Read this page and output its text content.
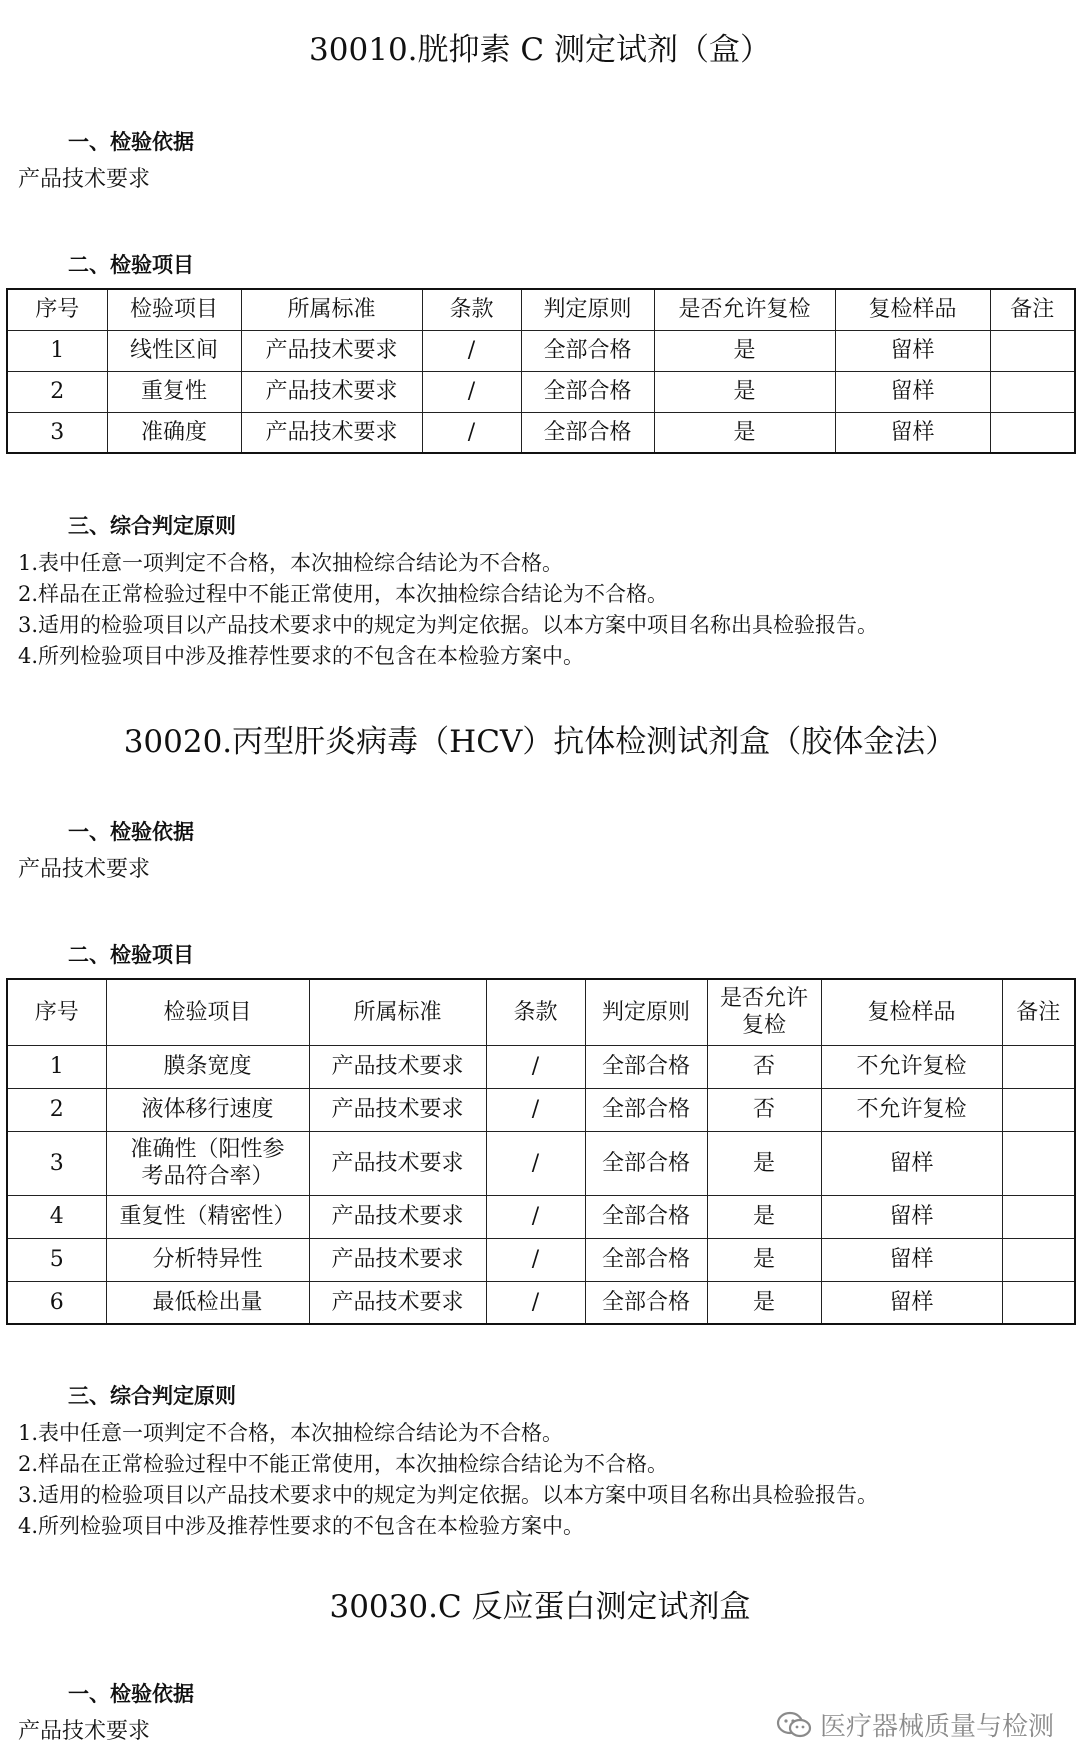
30010.胱抑素 C 测定试剂（盒）
一、检验依据
产品技术要求
二、检验项目
序号	检验项目	所属标准	条款	判定原则	是否允许复检	复检样品	备注
1	线性区间	产品技术要求	/	全部合格	是	留样	
2	重复性	产品技术要求	/	全部合格	是	留样	
3	准确度	产品技术要求	/	全部合格	是	留样	
三、综合判定原则
1.表中任意一项判定不合格，本次抽检综合结论为不合格。
2.样品在正常检验过程中不能正常使用，本次抽检综合结论为不合格。
3.适用的检验项目以产品技术要求中的规定为判定依据。以本方案中项目名称出具检验报告。
4.所列检验项目中涉及推荐性要求的不包含在本检验方案中。
30020.丙型肝炎病毒（HCV）抗体检测试剂盒（胶体金法）
一、检验依据
产品技术要求
二、检验项目
序号	检验项目	所属标准	条款	判定原则	是否允许复检	复检样品	备注
1	膜条宽度	产品技术要求	/	全部合格	否	不允许复检	
2	液体移行速度	产品技术要求	/	全部合格	否	不允许复检	
3	准确性（阳性参考品符合率）	产品技术要求	/	全部合格	是	留样	
4	重复性（精密性）	产品技术要求	/	全部合格	是	留样	
5	分析特异性	产品技术要求	/	全部合格	是	留样	
6	最低检出量	产品技术要求	/	全部合格	是	留样	
三、综合判定原则
1.表中任意一项判定不合格，本次抽检综合结论为不合格。
2.样品在正常检验过程中不能正常使用，本次抽检综合结论为不合格。
3.适用的检验项目以产品技术要求中的规定为判定依据。以本方案中项目名称出具检验报告。
4.所列检验项目中涉及推荐性要求的不包含在本检验方案中。
30030.C 反应蛋白测定试剂盒
一、检验依据
产品技术要求	医疗器械质量与检测
